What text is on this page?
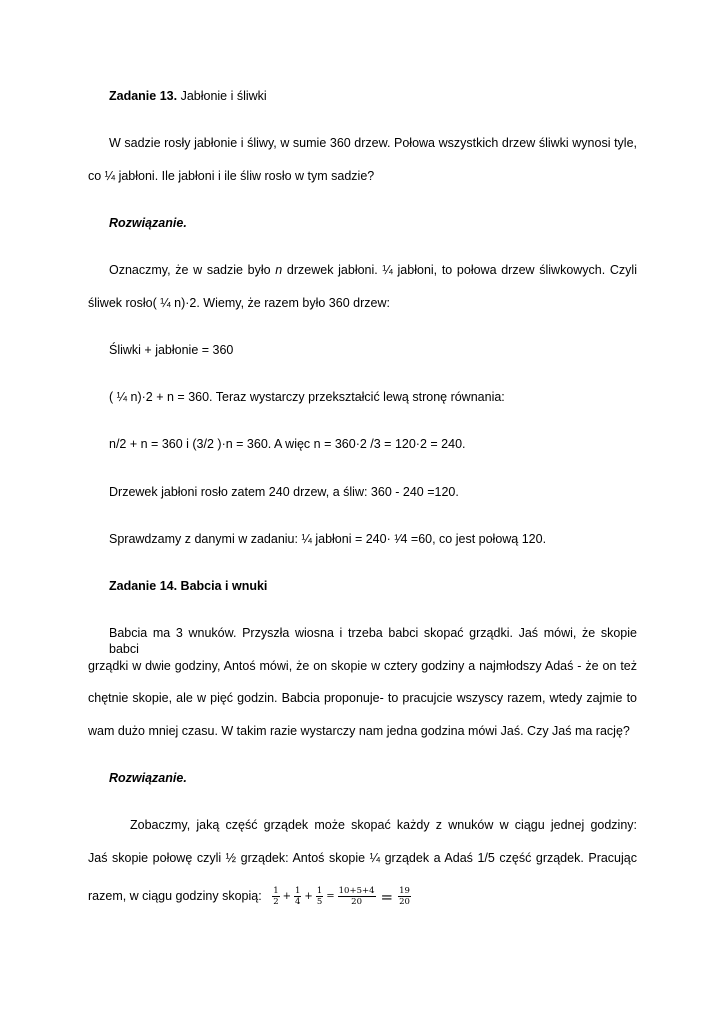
Zadanie 13. Jabłonie i śliwki
W sadzie rosły jabłonie i śliwy, w sumie 360 drzew. Połowa wszystkich drzew śliwki wynosi tyle,
co ¼ jabłoni. Ile jabłoni i ile śliw rosło w tym sadzie?
Rozwiązanie.
Oznaczmy, że w sadzie było n drzewek jabłoni. ¼ jabłoni, to połowa drzew śliwkowych. Czyli
śliwek rosło( ¼ n)·2. Wiemy, że razem było 360 drzew:
Śliwki + jabłonie = 360
( ¼ n)·2 + n = 360. Teraz wystarczy przekształcić lewą stronę równania:
n/2 + n = 360 i (3/2 )·n = 360. A więc n = 360·2 /3 = 120·2 = 240.
Drzewek jabłoni rosło zatem 240 drzew, a śliw: 360 - 240 =120.
Sprawdzamy z danymi w zadaniu: ¼ jabłoni = 240· ¹⁄4 =60, co jest połową 120.
Zadanie 14. Babcia i wnuki
Babcia ma 3 wnuków. Przyszła wiosna i trzeba babci skopać grządki. Jaś mówi, że skopie babci
grządki w dwie godziny, Antoś mówi, że on skopie w cztery godziny a najmłodszy Adaś - że on też
chętnie skopie, ale w pięć godzin. Babcia proponuje- to pracujcie wszyscy razem, wtedy zajmie to
wam dużo mniej czasu. W takim razie wystarczy nam jedna godzina mówi Jaś. Czy Jaś ma rację?
Rozwiązanie.
Zobaczmy, jaką część grządek może skopać każdy z wnuków w ciągu jednej godziny:
Jaś skopie połowę czyli ½ grządek: Antoś skopie ¼ grządek a Adaś 1/5 część grządek. Pracując
razem, w ciągu godziny skopią: $\frac{1}{2} + \frac{1}{4} + \frac{1}{5} = \frac{10+5+4}{20} = \frac{19}{20}$
